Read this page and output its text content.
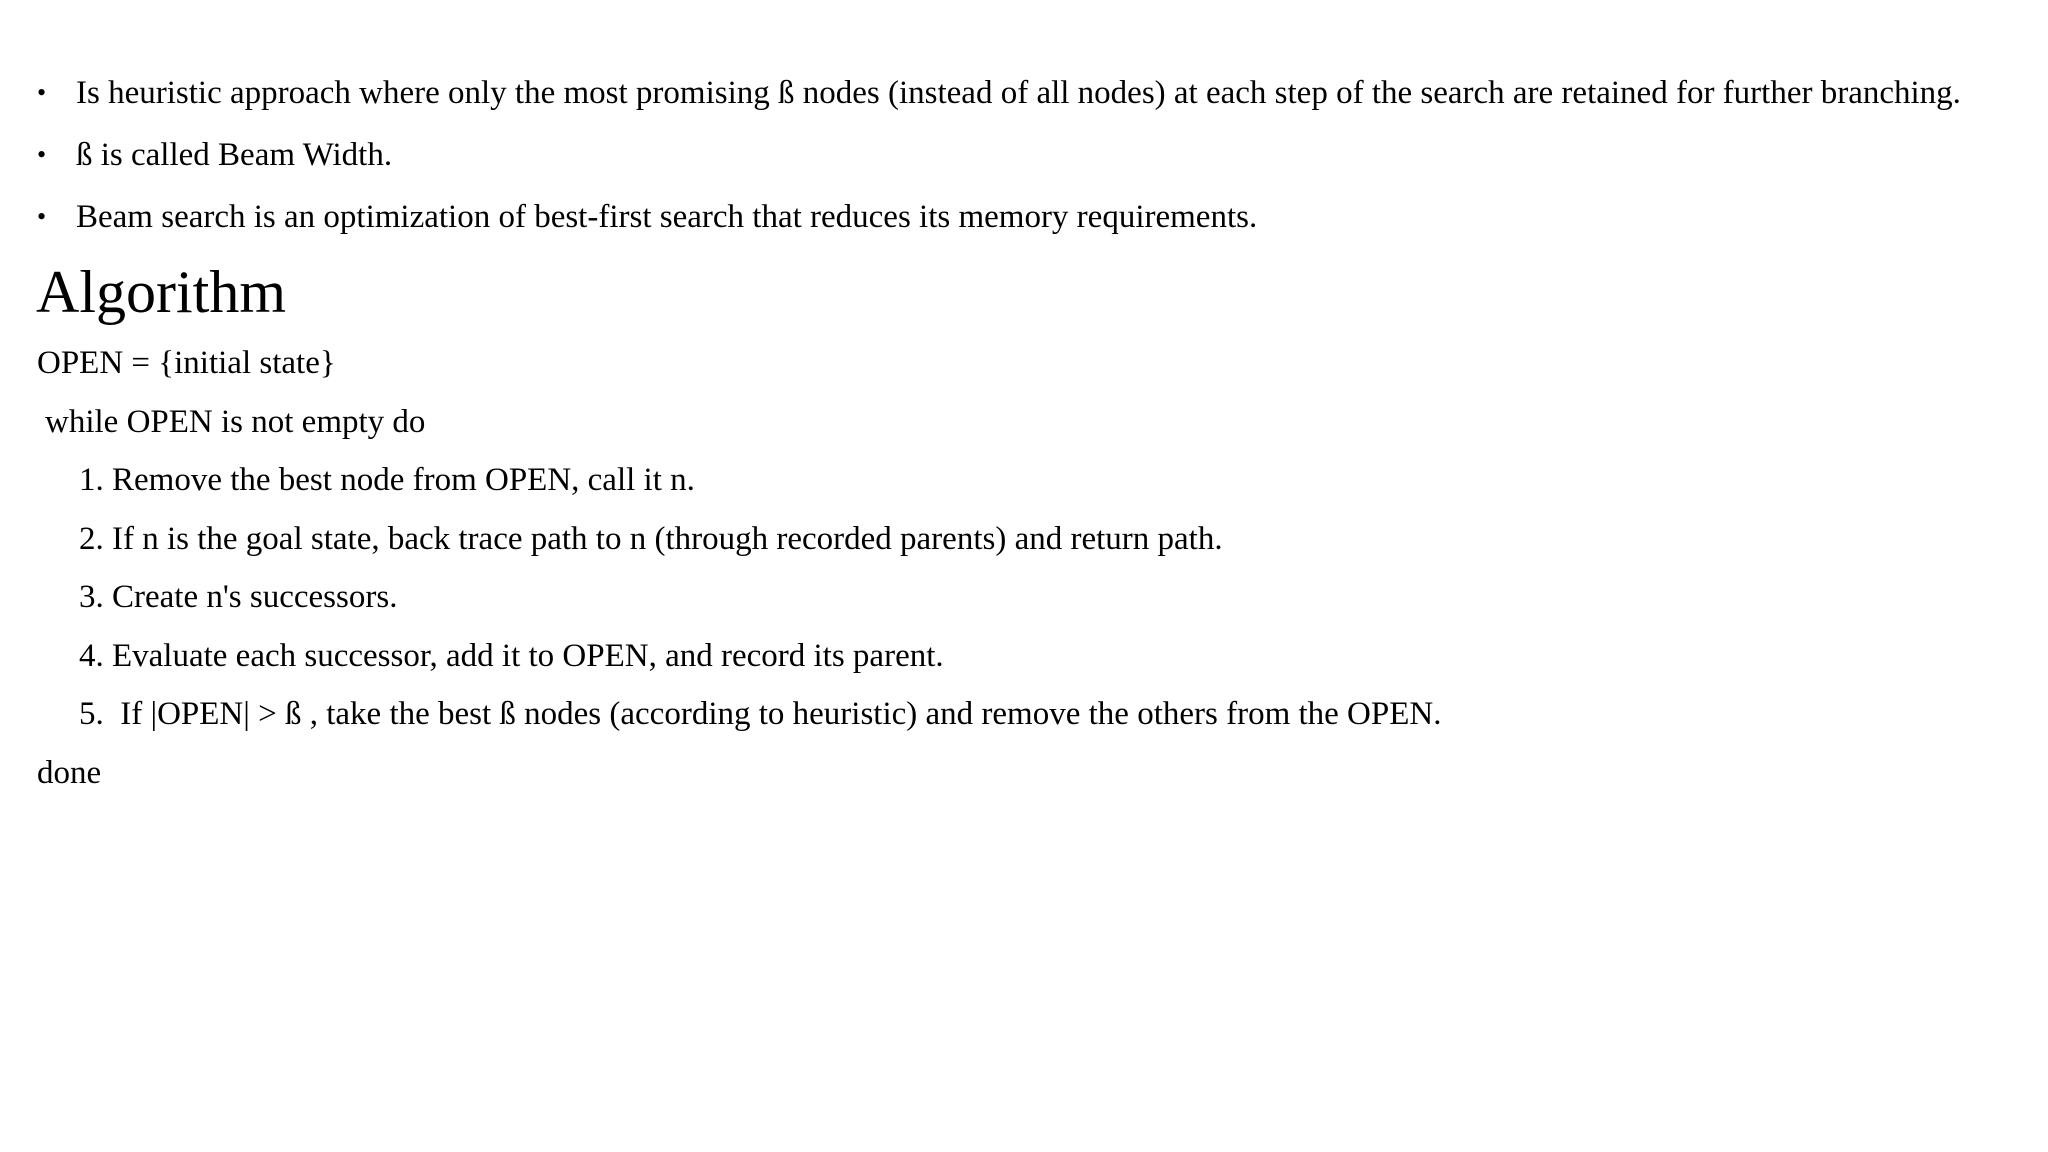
• Is heuristic approach where only the most promising ß nodes (instead of all nodes) at each step of the search are retained for further branching.
• ß is called Beam Width.
• Beam search is an optimization of best-first search that reduces its memory requirements.
Algorithm
OPEN = {initial state}
while OPEN is not empty do
1. Remove the best node from OPEN, call it n.
2. If n is the goal state, back trace path to n (through recorded parents) and return path.
3. Create n's successors.
4. Evaluate each successor, add it to OPEN, and record its parent.
5.  If |OPEN| > ß , take the best ß nodes (according to heuristic) and remove the others from the OPEN.
done
